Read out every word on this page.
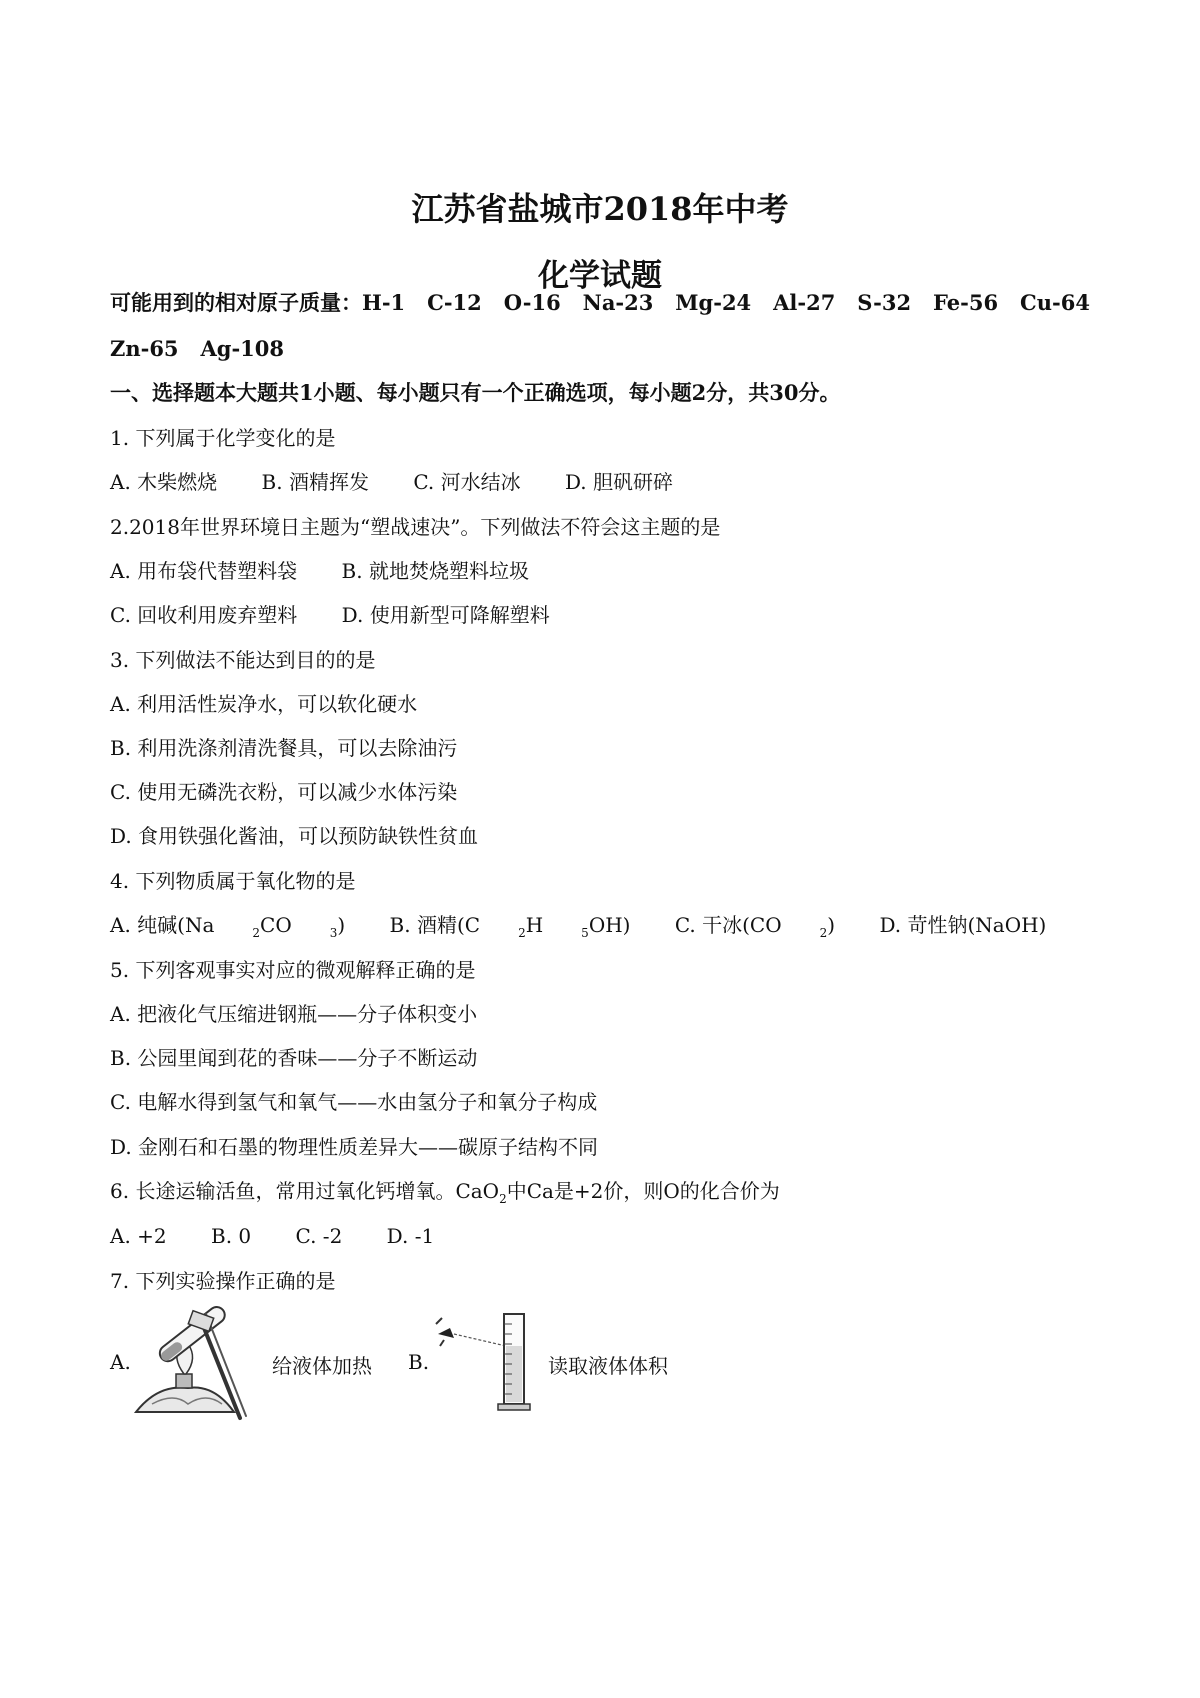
江苏省盐城市2018年中考
化学试题
可能用到的相对原子质量：H-1   C-12   O-16   Na-23   Mg-24   Al-27   S-32   Fe-56   Cu-64
Zn-65   Ag-108
一、选择题本大题共1小题、每小题只有一个正确选项，每小题2分，共30分。
1. 下列属于化学变化的是
A. 木柴燃烧 B. 酒精挥发 C. 河水结冰 D. 胆矾研碎
2.2018年世界环境日主题为“塑战速决”。下列做法不符会这主题的是
A. 用布袋代替塑料袋 B. 就地焚烧塑料垃圾
C. 回收利用废弃塑料 D. 使用新型可降解塑料
3. 下列做法不能达到目的的是
A. 利用活性炭净水，可以软化硬水
B. 利用洗涤剂清洗餐具，可以去除油污
C. 使用无磷洗衣粉，可以减少水体污染
D. 食用铁强化酱油，可以预防缺铁性贫血
4. 下列物质属于氧化物的是
A. 纯碱(Na	$_2$CO	$_3$) B. 酒精(C	$_2$H	$_5$OH) C. 干冰(CO	$_2$) D. 苛性钠(NaOH)
5. 下列客观事实对应的微观解释正确的是
A. 把液化气压缩进钢瓶——分子体积变小
B. 公园里闻到花的香味——分子不断运动
C. 电解水得到氢气和氧气——水由氢分子和氧分子构成
D. 金刚石和石墨的物理性质差异大——碳原子结构不同
6. 长途运输活鱼，常用过氧化钙增氧。CaO$_2$中Ca是+2价，则O的化合价为
A. +2 B. 0 C. -2 D. -1
7. 下列实验操作正确的是
A.	给液体加热 B.	读取液体体积
